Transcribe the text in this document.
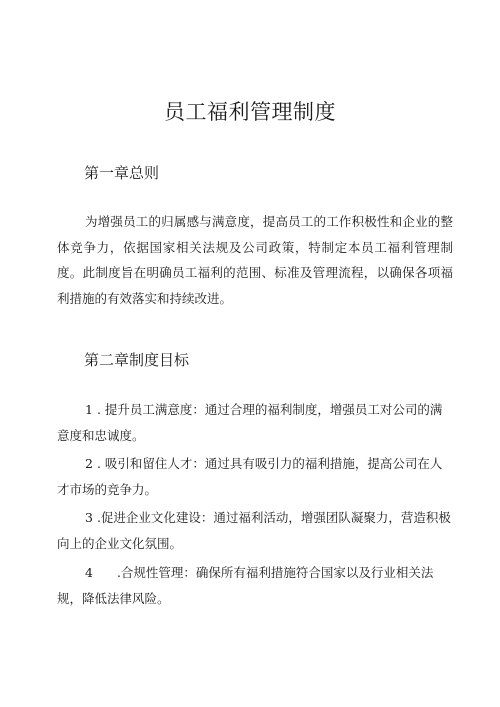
员工福利管理制度
第一章总则
为增强员工的归属感与满意度，提高员工的工作积极性和企业的整体竞争力，依据国家相关法规及公司政策，特制定本员工福利管理制度。此制度旨在明确员工福利的范围、标准及管理流程，以确保各项福利措施的有效落实和持续改进。
第二章制度目标
1 . 提升员工满意度：通过合理的福利制度，增强员工对公司的满意度和忠诚度。
2 . 吸引和留住人才：通过具有吸引力的福利措施，提高公司在人才市场的竞争力。
3 .促进企业文化建设：通过福利活动，增强团队凝聚力，营造积极向上的企业文化氛围。
4 .合规性管理：确保所有福利措施符合国家以及行业相关法规，降低法律风险。
